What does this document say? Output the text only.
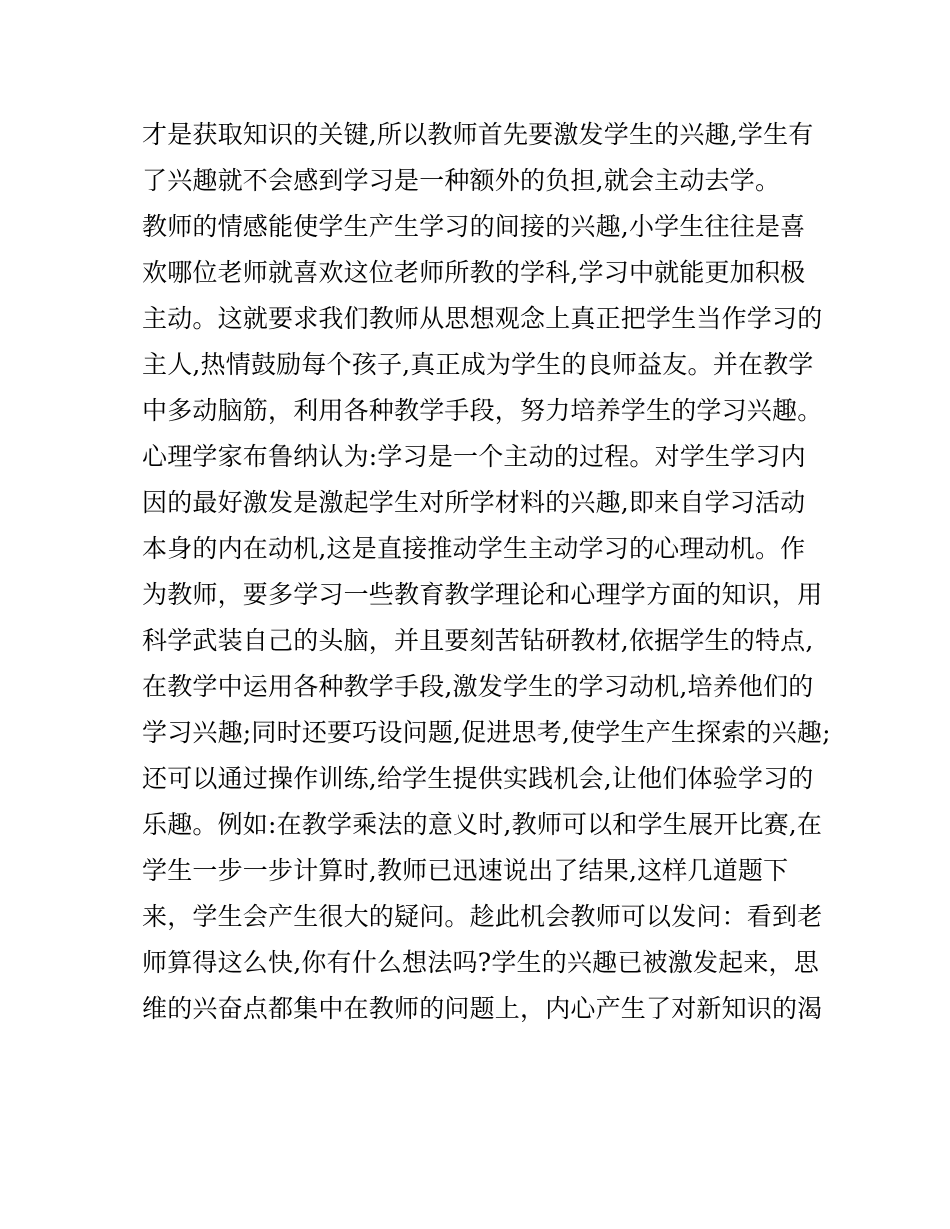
才是获取知识的关键,所以教师首先要激发学生的兴趣,学生有
了兴趣就不会感到学习是一种额外的负担,就会主动去学。
教师的情感能使学生产生学习的间接的兴趣,小学生往往是喜
欢哪位老师就喜欢这位老师所教的学科,学习中就能更加积极
主动。这就要求我们教师从思想观念上真正把学生当作学习的
主人,热情鼓励每个孩子,真正成为学生的良师益友。并在教学
中多动脑筋，利用各种教学手段，努力培养学生的学习兴趣。
心理学家布鲁纳认为:学习是一个主动的过程。对学生学习内
因的最好激发是激起学生对所学材料的兴趣,即来自学习活动
本身的内在动机,这是直接推动学生主动学习的心理动机。作
为教师，要多学习一些教育教学理论和心理学方面的知识，用
科学武装自己的头脑，并且要刻苦钻研教材,依据学生的特点,
在教学中运用各种教学手段,激发学生的学习动机,培养他们的
学习兴趣;同时还要巧设问题,促进思考,使学生产生探索的兴趣;
还可以通过操作训练,给学生提供实践机会,让他们体验学习的
乐趣。例如:在教学乘法的意义时,教师可以和学生展开比赛,在
学生一步一步计算时,教师已迅速说出了结果,这样几道题下
来，学生会产生很大的疑问。趁此机会教师可以发问：看到老
师算得这么快,你有什么想法吗?学生的兴趣已被激发起来，思
维的兴奋点都集中在教师的问题上，内心产生了对新知识的渴
